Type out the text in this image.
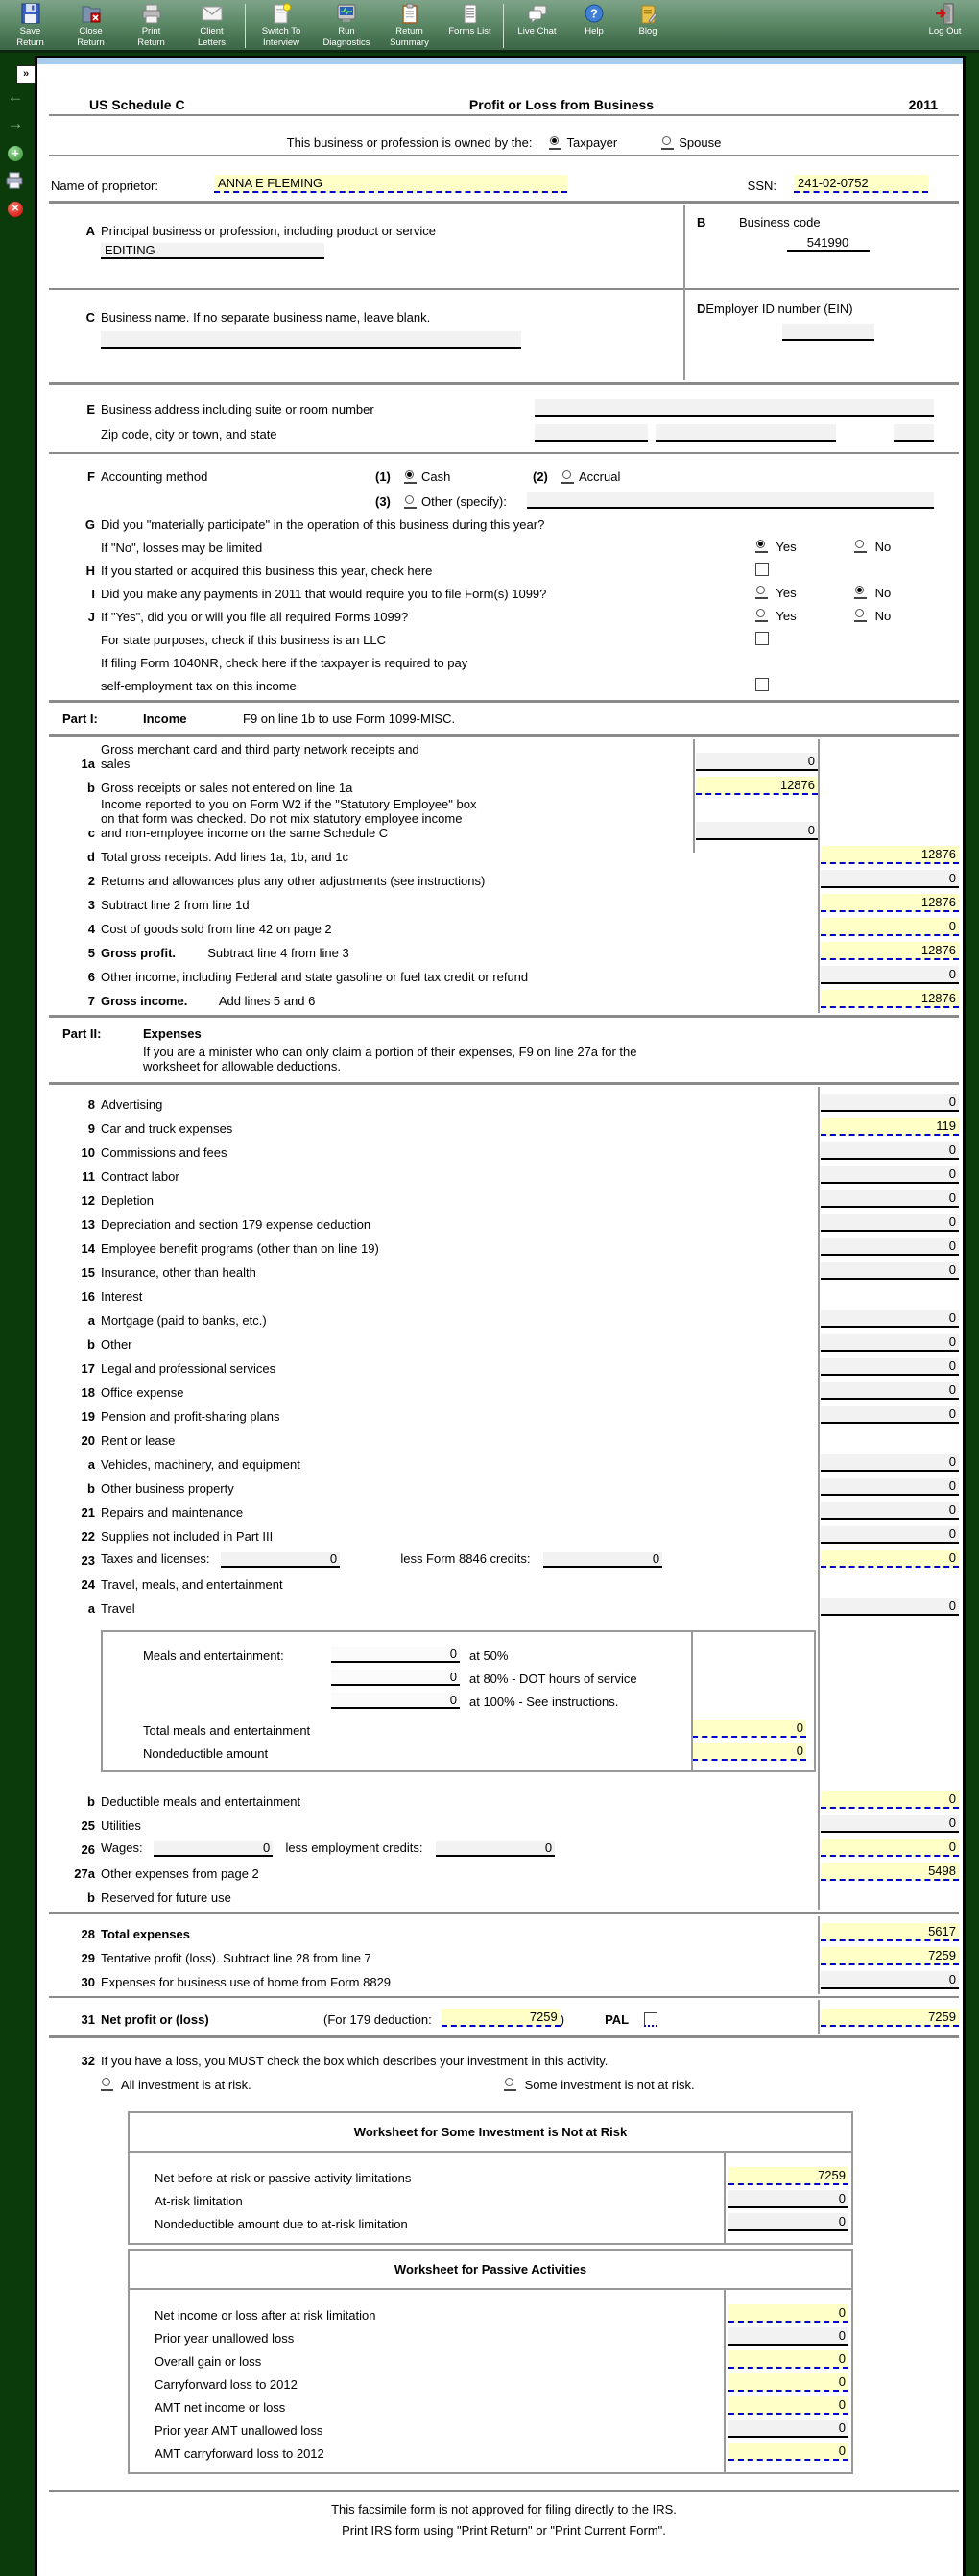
Save
Return
Close
Return
Print
Return
Client
Letters
Switch To
Interview
Run
Diagnostics
Return
Summary
Forms List	Live Chat
?
Help	Blog	Log Out
»
←
→
+
✕
US Schedule C	Profit or Loss from Business	2011
This business or profession is owned by the:	Taxpayer	Spouse
Name of proprietor:	ANNA E FLEMING	SSN:	241-02-0752
A Principal business or profession, including product or service
EDITING
B	Business code
541990
C Business name. If no separate business name, leave blank.
DEmployer ID number (EIN)
E Business address including suite or room number
Zip code, city or town, and state
F Accounting method	(1)	Cash	(2)	Accrual
(3)	Other (specify):
G Did you "materially participate" in the operation of this business during this year?
If "No", losses may be limited	Yes	No
H If you started or acquired this business this year, check here
I Did you make any payments in 2011 that would require you to file Form(s) 1099?	Yes	No
J If "Yes", did you or will you file all required Forms 1099?	Yes	No
For state purposes, check if this business is an LLC
If filing Form 1040NR, check here if the taxpayer is required to pay
self-employment tax on this income
Part I:	Income	F9 on line 1b to use Form 1099-MISC.
1a
Gross merchant card and third party network receipts and
sales	0
b Gross receipts or sales not entered on line 1a	12876
c
Income reported to you on Form W2 if the "Statutory Employee" box
on that form was checked. Do not mix statutory employee income
and non-employee income on the same Schedule C	0
d Total gross receipts. Add lines 1a, 1b, and 1c	12876
2 Returns and allowances plus any other adjustments (see instructions)	0
3 Subtract line 2 from line 1d	12876
4 Cost of goods sold from line 42 on page 2	0
5 Gross profit.	Subtract line 4 from line 3	12876
6 Other income, including Federal and state gasoline or fuel tax credit or refund	0
7 Gross income.	Add lines 5 and 6	12876
Part II:	Expenses
If you are a minister who can only claim a portion of their expenses, F9 on line 27a for the
worksheet for allowable deductions.
8 Advertising	0
9 Car and truck expenses	119
10 Commissions and fees	0
11 Contract labor	0
12 Depletion	0
13 Depreciation and section 179 expense deduction	0
14 Employee benefit programs (other than on line 19)	0
15 Insurance, other than health	0
16 Interest
a Mortgage (paid to banks, etc.)	0
b Other	0
17 Legal and professional services	0
18 Office expense	0
19 Pension and profit-sharing plans	0
20 Rent or lease
a Vehicles, machinery, and equipment	0
b Other business property	0
21 Repairs and maintenance	0
22 Supplies not included in Part III	0
23 Taxes and licenses:	0	less Form 8846 credits:	0	0
24 Travel, meals, and entertainment
a Travel	0
Meals and entertainment:	0	at 50%
0	at 80% - DOT hours of service
0	at 100% - See instructions.
Total meals and entertainment	0
Nondeductible amount	0
b Deductible meals and entertainment	0
25 Utilities	0
26 Wages:	0 less employment credits:	0	0
27a Other expenses from page 2	5498
b Reserved for future use
28 Total expenses	5617
29 Tentative profit (loss). Subtract line 28 from line 7	7259
30 Expenses for business use of home from Form 8829	0
31 Net profit or (loss)	(For 179 deduction:	7259 )	PAL	7259
32 If you have a loss, you MUST check the box which describes your investment in this activity.
All investment is at risk.	Some investment is not at risk.
Worksheet for Some Investment is Not at Risk
Net before at-risk or passive activity limitations	7259
At-risk limitation	0
Nondeductible amount due to at-risk limitation	0
Worksheet for Passive Activities
Net income or loss after at risk limitation	0
Prior year unallowed loss	0
Overall gain or loss	0
Carryforward loss to 2012	0
AMT net income or loss	0
Prior year AMT unallowed loss	0
AMT carryforward loss to 2012	0
This facsimile form is not approved for filing directly to the IRS.
Print IRS form using "Print Return" or "Print Current Form".
